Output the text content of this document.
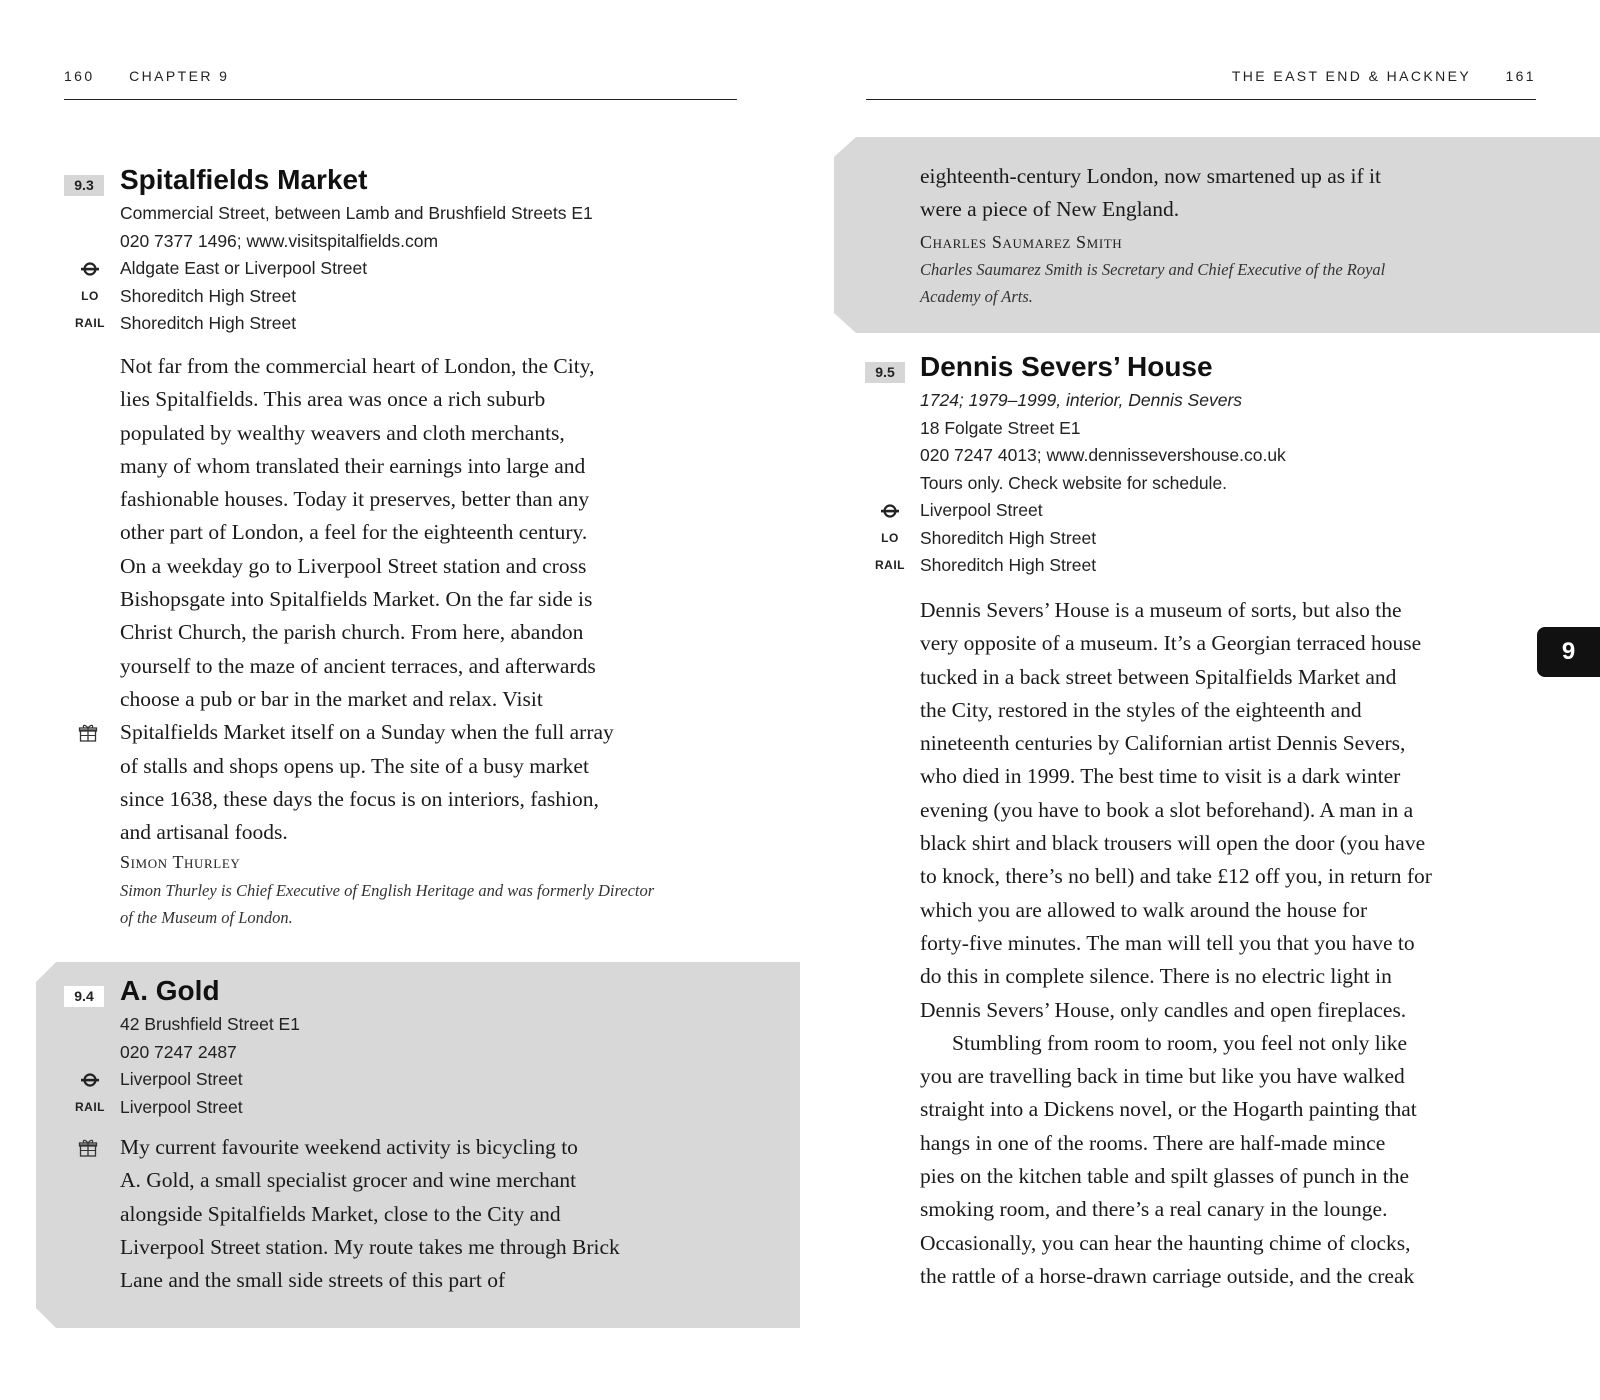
160 CHAPTER 9
9.3 Spitalfields Market
Commercial Street, between Lamb and Brushfield Streets E1
020 7377 1496; www.visitspitalfields.com
Aldgate East or Liverpool Street
Shoreditch High Street
Shoreditch High Street
LO
RAIL
Not far from the commercial heart of London, the City,
lies Spitalfields. This area was once a rich suburb
populated by wealthy weavers and cloth merchants,
many of whom translated their earnings into large and
fashionable houses. Today it preserves, better than any
other part of London, a feel for the eighteenth century.
On a weekday go to Liverpool Street station and cross
Bishopsgate into Spitalfields Market. On the far side is
Christ Church, the parish church. From here, abandon
yourself to the maze of ancient terraces, and afterwards
choose a pub or bar in the market and relax. Visit
Spitalfields Market itself on a Sunday when the full array
of stalls and shops opens up. The site of a busy market
since 1638, these days the focus is on interiors, fashion,
and artisanal foods.
Simon Thurley
Simon Thurley is Chief Executive of English Heritage and was formerly Director
of the Museum of London.
9.4 A. Gold
42 Brushfield Street E1
020 7247 2487
Liverpool Street
Liverpool Street
RAIL
My current favourite weekend activity is bicycling to
A. Gold, a small specialist grocer and wine merchant
alongside Spitalfields Market, close to the City and
Liverpool Street station. My route takes me through Brick
Lane and the small side streets of this part of
THE EAST END & HACKNEY 161
eighteenth-century London, now smartened up as if it
were a piece of New England.
Charles Saumarez Smith
Charles Saumarez Smith is Secretary and Chief Executive of the Royal
Academy of Arts.
9.5 Dennis Severs’ House
1724; 1979–1999, interior, Dennis Severs
18 Folgate Street E1
020 7247 4013; www.dennissevershouse.co.uk
Tours only. Check website for schedule.
Liverpool Street
Shoreditch High Street
Shoreditch High Street
LO
RAIL
Dennis Severs’ House is a museum of sorts, but also the
very opposite of a museum. It’s a Georgian terraced house
tucked in a back street between Spitalfields Market and
the City, restored in the styles of the eighteenth and
nineteenth centuries by Californian artist Dennis Severs,
who died in 1999. The best time to visit is a dark winter
evening (you have to book a slot beforehand). A man in a
black shirt and black trousers will open the door (you have
to knock, there’s no bell) and take £12 off you, in return for
which you are allowed to walk around the house for
forty-five minutes. The man will tell you that you have to
do this in complete silence. There is no electric light in
Dennis Severs’ House, only candles and open fireplaces.
Stumbling from room to room, you feel not only like
you are travelling back in time but like you have walked
straight into a Dickens novel, or the Hogarth painting that
hangs in one of the rooms. There are half-made mince
pies on the kitchen table and spilt glasses of punch in the
smoking room, and there’s a real canary in the lounge.
Occasionally, you can hear the haunting chime of clocks,
the rattle of a horse-drawn carriage outside, and the creak
9
